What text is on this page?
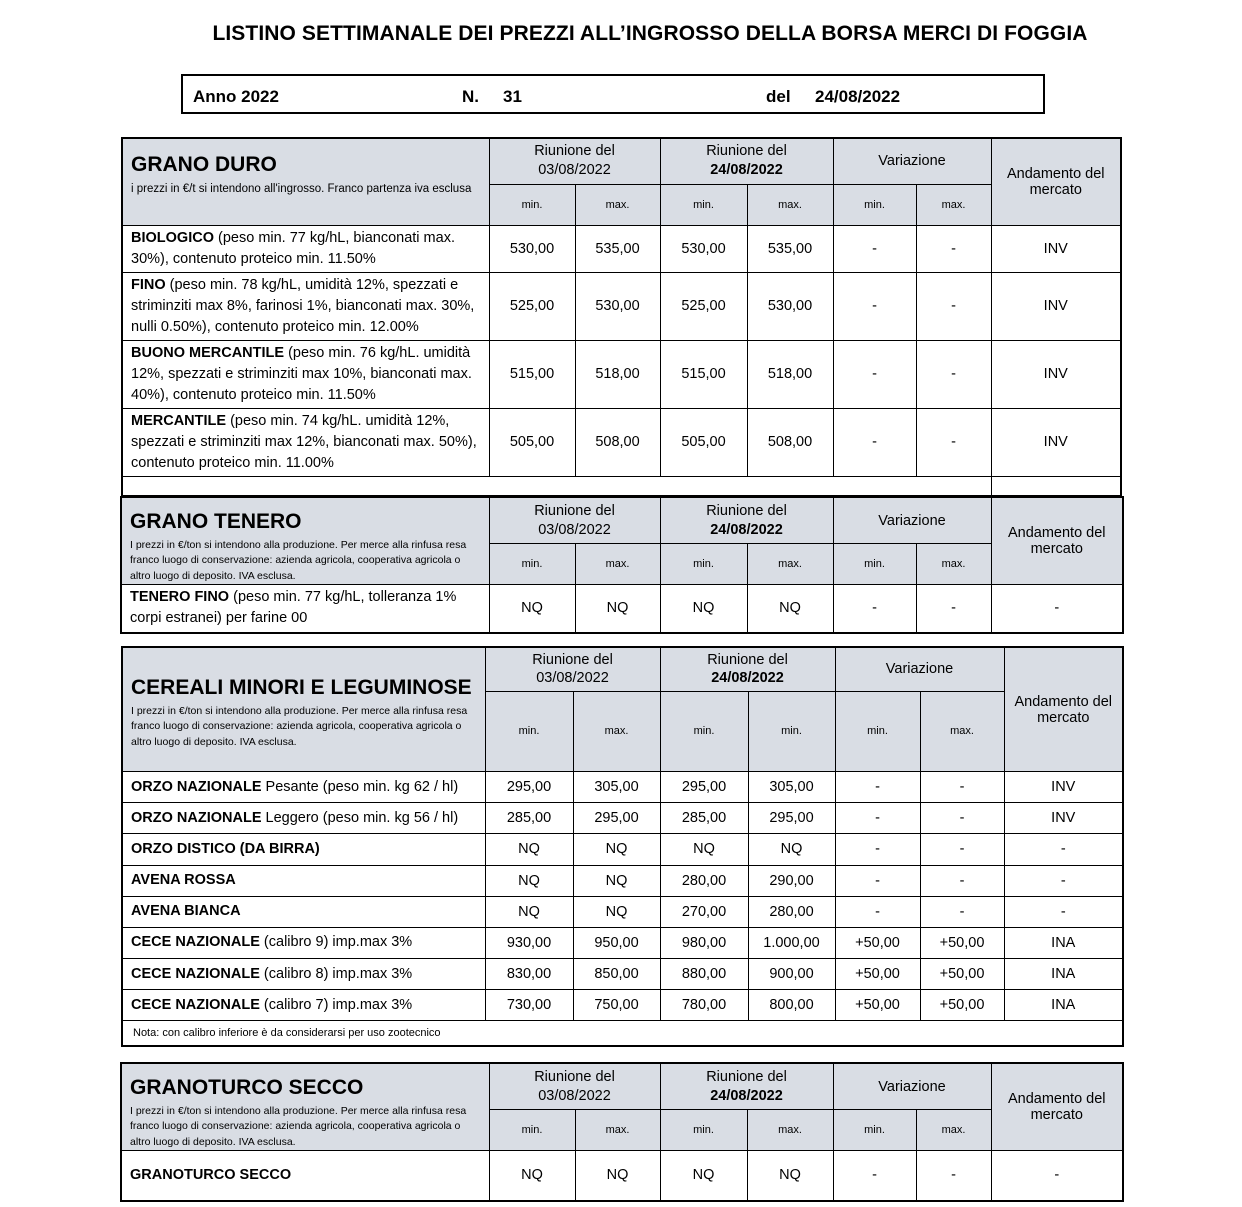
LISTINO SETTIMANALE DEI PREZZI ALL’INGROSSO DELLA BORSA MERCI DI FOGGIA
Anno 2022	N. 31	del 24/08/2022
GRANO DURO
i prezzi in €/t si intendono all'ingrosso. Franco partenza iva esclusa	Riunione del
03/08/2022		Riunione del
24/08/2022		Variazione		Andamento del mercato
	min.	max.	min.	max.	min.	max.	
BIOLOGICO (peso min. 77 kg/hL, bianconati max. 30%), contenuto proteico min. 11.50%	530,00	535,00	530,00	535,00	-	-	INV
FINO (peso min. 78 kg/hL, umidità 12%, spezzati e striminziti max 8%, farinosi 1%, bianconati max. 30%, nulli 0.50%), contenuto proteico min. 12.00%	525,00	530,00	525,00	530,00	-	-	INV
BUONO MERCANTILE (peso min. 76 kg/hL. umidità 12%, spezzati e striminziti max 10%, bianconati max. 40%), contenuto proteico min. 11.50%	515,00	518,00	515,00	518,00	-	-	INV
MERCANTILE (peso min. 74 kg/hL. umidità 12%, spezzati e striminziti max 12%, bianconati max. 50%), contenuto proteico min. 11.00%	505,00	508,00	505,00	508,00	-	-	INV

GRANO TENERO
I prezzi in €/ton si intendono alla produzione. Per merce alla rinfusa resa franco luogo di conservazione: azienda agricola, cooperativa agricola o altro luogo di deposito. IVA esclusa.	Riunione del
03/08/2022		Riunione del
24/08/2022		Variazione		Andamento del mercato
	min.	max.	min.	max.	min.	max.	
TENERO FINO (peso min. 77 kg/hL, tolleranza 1% corpi estranei) per farine 00	NQ	NQ	NQ	NQ	-	-	-
CEREALI MINORI E LEGUMINOSE
I prezzi in €/ton si intendono alla produzione. Per merce alla rinfusa resa franco luogo di conservazione: azienda agricola, cooperativa agricola o altro luogo di deposito. IVA esclusa.	Riunione del
03/08/2022		Riunione del
24/08/2022		Variazione		Andamento del mercato
	min.	max.	min.	min.	min.	max.	
ORZO NAZIONALE Pesante (peso min. kg 62 / hl)	295,00	305,00	295,00	305,00	-	-	INV
ORZO NAZIONALE Leggero (peso min. kg 56 / hl)	285,00	295,00	285,00	295,00	-	-	INV
ORZO DISTICO (DA BIRRA)	NQ	NQ	NQ	NQ	-	-	-
AVENA ROSSA	NQ	NQ	280,00	290,00	-	-	-
AVENA BIANCA	NQ	NQ	270,00	280,00	-	-	-
CECE NAZIONALE (calibro 9) imp.max 3%	930,00	950,00	980,00	1.000,00	+50,00	+50,00	INA
CECE NAZIONALE (calibro 8) imp.max 3%	830,00	850,00	880,00	900,00	+50,00	+50,00	INA
CECE NAZIONALE (calibro 7) imp.max 3%	730,00	750,00	780,00	800,00	+50,00	+50,00	INA
Nota: con calibro inferiore è da considerarsi per uso zootecnico							
GRANOTURCO SECCO
I prezzi in €/ton si intendono alla produzione. Per merce alla rinfusa resa franco luogo di conservazione: azienda agricola, cooperativa agricola o altro luogo di deposito. IVA esclusa.	Riunione del
03/08/2022		Riunione del
24/08/2022		Variazione		Andamento del mercato
	min.	max.	min.	max.	min.	max.	
GRANOTURCO SECCO	NQ	NQ	NQ	NQ	-	-	-
